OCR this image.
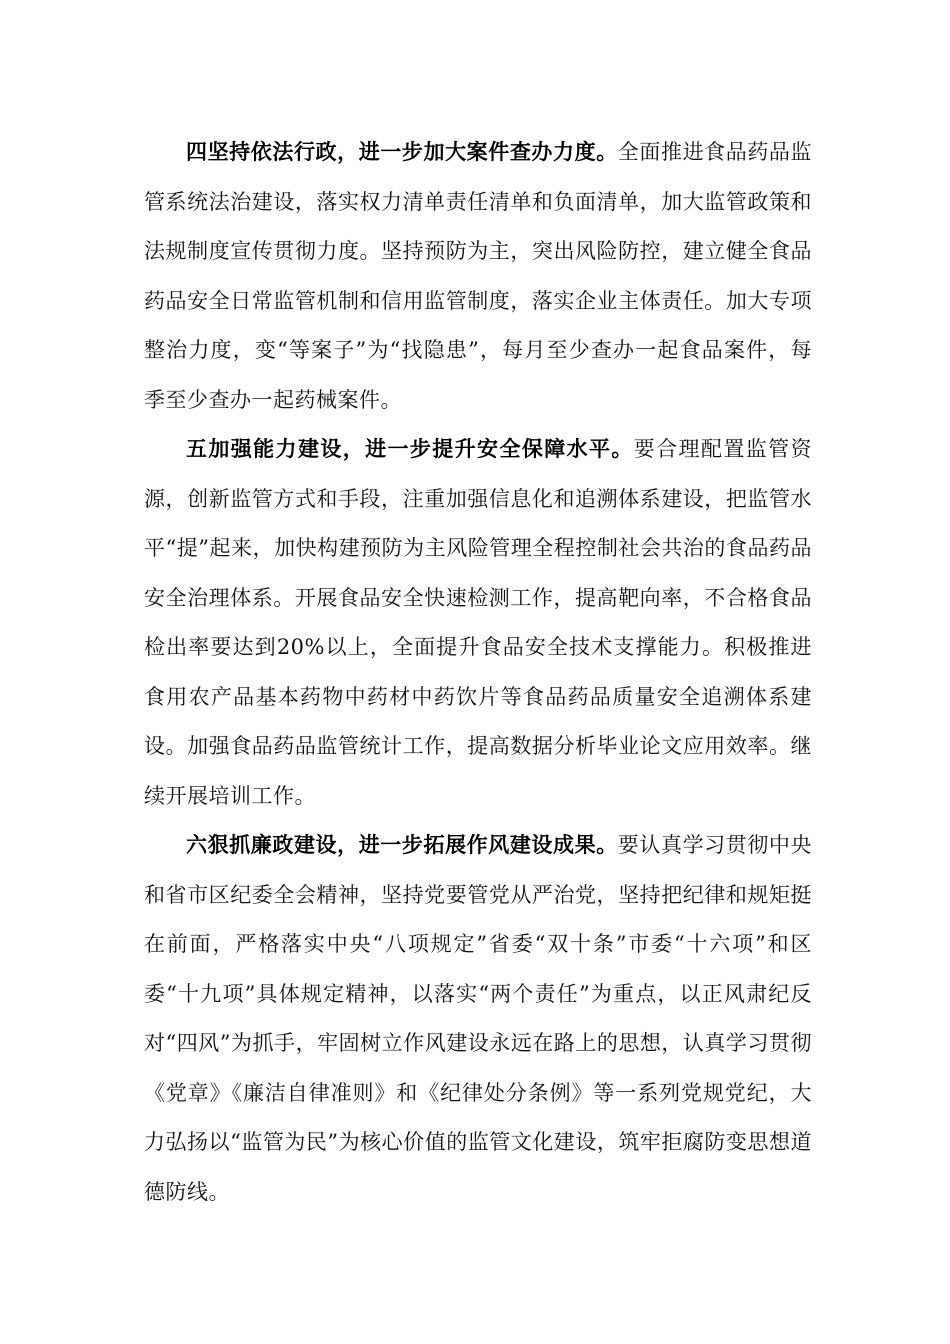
四坚持依法行政，进一步加大案件查办力度。全面推进食品药品监管系统法治建设，落实权力清单责任清单和负面清单，加大监管政策和法规制度宣传贯彻力度。坚持预防为主，突出风险防控，建立健全食品药品安全日常监管机制和信用监管制度，落实企业主体责任。加大专项整治力度，变“等案子”为“找隐患”，每月至少查办一起食品案件，每季至少查办一起药械案件。

五加强能力建设，进一步提升安全保障水平。要合理配置监管资源，创新监管方式和手段，注重加强信息化和追溯体系建设，把监管水平“提”起来，加快构建预防为主风险管理全程控制社会共治的食品药品安全治理体系。开展食品安全快速检测工作，提高靶向率，不合格食品检出率要达到20%以上，全面提升食品安全技术支撑能力。积极推进食用农产品基本药物中药材中药饮片等食品药品质量安全追溯体系建设。加强食品药品监管统计工作，提高数据分析毕业论文应用效率。继续开展培训工作。

六狠抓廉政建设，进一步拓展作风建设成果。要认真学习贯彻中央和省市区纪委全会精神，坚持党要管党从严治党，坚持把纪律和规矩挺在前面，严格落实中央“八项规定”省委“双十条”市委“十六项”和区委“十九项”具体规定精神，以落实“两个责任”为重点，以正风肃纪反对“四风”为抓手，牢固树立作风建设永远在路上的思想，认真学习贯彻《党章》《廉洁自律准则》和《纪律处分条例》等一系列党规党纪，大力弘扬以“监管为民”为核心价值的监管文化建设，筑牢拒腐防变思想道德防线。
